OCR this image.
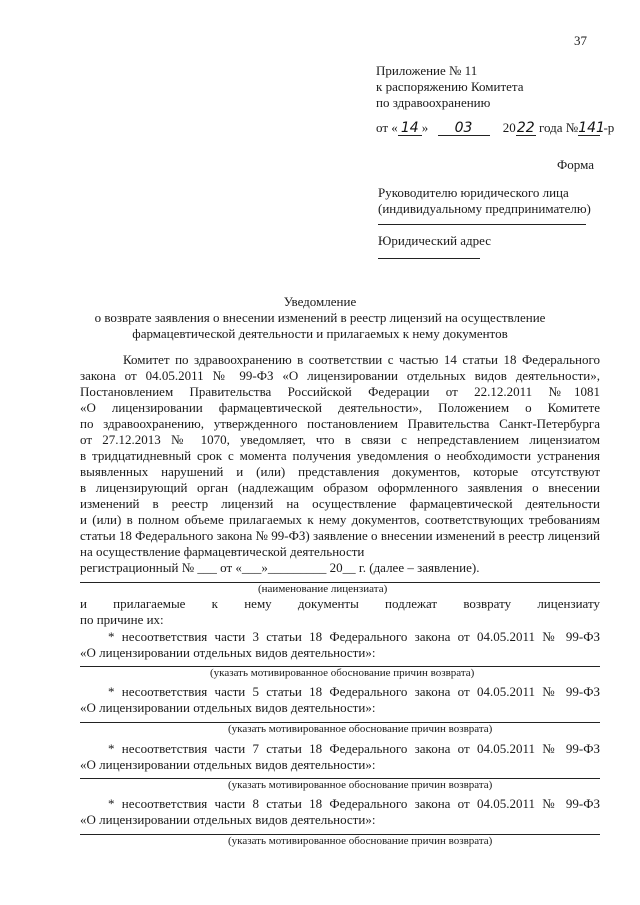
37
Приложение № 11
к распоряжению Комитета
по здравоохранению
от « 14 » 03 2022 года №141 -р
Форма
Руководителю юридического лица
(индивидуальному предпринимателю)
Юридический адрес
Уведомление
о возврате заявления о внесении изменений в реестр лицензий на осуществление
фармацевтической деятельности и прилагаемых к нему документов
Комитет по здравоохранению в соответствии с частью 14 статьи 18 Федерального
закона от 04.05.2011 № 99-ФЗ «О лицензировании отдельных видов деятельности»,
Постановлением Правительства Российской Федерации от 22.12.2011 №1081
«О лицензировании фармацевтической деятельности», Положением о Комитете
по здравоохранению, утвержденного постановлением Правительства Санкт-Петербурга
от 27.12.2013 № 1070, уведомляет, что в связи с непредставлением лицензиатом
в тридцатидневный срок с момента получения уведомления о необходимости устранения
выявленных нарушений и (или) представления документов, которые отсутствуют
в лицензирующий орган (надлежащим образом оформленного заявления о внесении
изменений в реестр лицензий на осуществление фармацевтической деятельности
и (или) в полном объеме прилагаемых к нему документов, соответствующих требованиям
статьи 18 Федерального закона № 99-ФЗ) заявление о внесении изменений в реестр лицензий
на осуществление фармацевтической деятельности
регистрационный № ___ от «___»_________ 20__ г. (далее – заявление).
(наименование лицензиата)
и прилагаемые к нему документы подлежат возврату лицензиату
по причине их:
* несоответствия части 3 статьи 18 Федерального закона от 04.05.2011 № 99-ФЗ
«О лицензировании отдельных видов деятельности»:
(указать мотивированное обоснование причин возврата)
* несоответствия части 5 статьи 18 Федерального закона от 04.05.2011 № 99-ФЗ
«О лицензировании отдельных видов деятельности»:
(указать мотивированное обоснование причин возврата)
* несоответствия части 7 статьи 18 Федерального закона от 04.05.2011 № 99-ФЗ
«О лицензировании отдельных видов деятельности»:
(указать мотивированное обоснование причин возврата)
* несоответствия части 8 статьи 18 Федерального закона от 04.05.2011 № 99-ФЗ
«О лицензировании отдельных видов деятельности»:
(указать мотивированное обоснование причин возврата)
